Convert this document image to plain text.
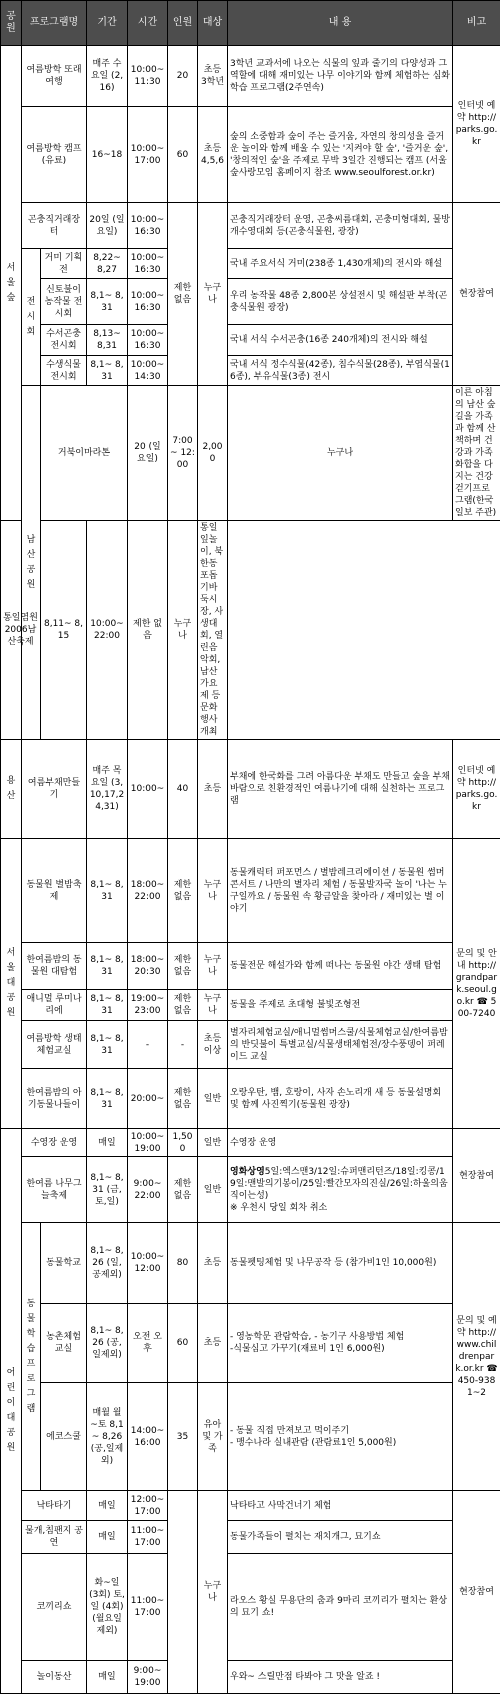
공원	프로그램명		기간	시간	인원	대상	내 용	비고	
서 울 숲	여름방학 또래여행		매주 수요일 (2,16)	10:00~ 11:30	20	초등 3학년	3학년 교과서에 나오는 식물의 잎과 줄기의 다양성과 그 역할에 대해 재미있는 나무 이야기와 함께 체험하는 심화학습 프로그램(2주연속)	인터넷 예약 http://parks.go.kr	
	여름방학 캠프 (유료)		16~18	10:00~ 17:00	60	초등 4,5,6	숲의 소중함과 숲이 주는 즐거움, 자연의 창의성을 즐거운 놀이와 함께 배울 수 있는 '지켜야 할 숲', '즐거운 숲', '창의적인 숲'을 주제로 무박 3일간 진행되는 캠프 (서울숲사랑모임 홈페이지 참조 www.seoulforest.or.kr)		
	곤충직거래장터		20일 (일요일)	10:00~ 16:30	제한 없음	누구나	곤충직거래장터 운영, 곤충씨름대회, 곤충미형대회, 물방개수영대회 등(곤충식물원, 광장)	현장참여	
	전 시 회	거미 기획전	8,22~ 8,27	10:00~ 16:30			국내 주요서식 거미(238종 1,430개체)의 전시와 해설		
		신토불이 농작물 전시회	8,1~ 8,31	10:00~ 16:30			우리 농작물 48종 2,800본 상설전시 및 해설판 부착(곤충식물원 광장)		
		수서곤충 전시회	8,13~ 8,31	10:00~ 16:30			국내 서식 수서곤충(16종 240개체)의 전시와 해설		
		수생식물 전시회	8,1~ 8,31	10:00~ 14:30			국내 서식 정수식물(42종), 침수식물(28종), 부엽식물(16종), 부유식물(3종) 전시		
	남산 공원	거북이마라톤		20 (일요일)	7:00~ 12:00	2,000	누구나	이른 아침의 남산 숲길을 가족과 함께 산책하며 건강과 가족화합을 다지는 건강걷기프로그램(한국일보 주관)	
통일염원 2006남산축제		8,11~ 8,15	10:00~ 22:00	제한 없음	누구나	통일잎놀이, 북한동포돕기바둑시장, 사생대회, 열린음악회, 남산가요제 등 문화행사 개최			
용 산	여름부채만들기		매주 목요일 (3,10,17,24,31)	10:00~	40	초등	부채에 한국화를 그려 아름다운 부채도 만들고 숲을 부채바람으로 친환경적인 여름나기에 대해 실천하는 프로그램	인터넷 예약 http://parks.go.kr	
서 울 대 공 원	동물원 별밤축제		8,1~ 8,31	18:00~ 22:00	제한 없음	누구나	동물캐릭터 퍼포먼스 / 별밤레크리에이션 / 동물원 썸머 콘서트 / 나만의 별자리 체험 / 동물발자국 놀이 '나는 누구일까요 / 동물원 속 황금알을 찾아라 / 재미있는 별 이야기	문의 및 안내 http://grandpark.seoul.go.kr ☎ 500-7240	
	한여름밤의 동물원 대탐험		8,1~ 8,31	18:00~ 20:30	제한 없음	누구나	동물전문 해설가와 함께 떠나는 동물원 야간 생태 탐험		
	애니멀 루미나리에		8,1~ 8,31	19:00~ 23:00	제한 없음	누구나	동물을 주제로 초대형 불빛조형전		
	여름방학 생태체험교실		8,1~ 8,31	-	-	초등 이상	별자리체험교실/애니멀썸머스쿨/식물체험교실/한여름밤의 반딧불이 특별교실/식물생태체험전/장수풍뎅이 퍼레이드 교실		
	한여름밤의 아기동물나들이		8,1~ 8,31	20:00~	제한 없음	일반	오랑우탄, 뱀, 호랑이, 사자 손노리개 새 등 동물설명회 및 함께 사진찍기(동물원 광장)		
어 린 이 대 공 원	수영장 운영		매일	10:00~ 19:00	1,500	일반	수영장 운영	현장참여	
	한여름 나무그늘축제		8,1~ 8,31 (금,토,일)	9:00~ 22:00	제한 없음	일반	영화상영5일:엑스맨3/12일:슈퍼맨리턴즈/18일:킹콩/19일:맨발의기봉이/25일:빨간모자의진실/26일:하울의움직이는성)
※ 우천시 당일 회차 취소		
	동 물 학 습 프 로 그 램	동물학교	8,1~ 8,26 (일,공제외)	10:00~ 12:00	80	초등	동물펫팅체험 및 나무공작 등 (참가비1인 10,000원)	문의 및 예약 http://www.childrenpark.or.kr ☎ 450-9381~2	
		농촌체험 교실	8,1~ 8,26 (공,일제외)	오전 오후	60	초등	- 영농학문 관람학습, - 농기구 사용방법 체험
-식물심고 가꾸기(재료비 1인 6,000원)		
		에코스쿨	매월 월~토 8,1~ 8,26 (공,일제외)	14:00~ 16:00	35	유아 및 가족	- 동물 직접 만져보고 먹이주기
- 맹수나라 실내관람 (관람료1인 5,000원)		
	낙타타기		매일	12:00~ 17:00		누구나	낙타타고 사막건너기 체험	현장참여	
	물개,침팬지 공연		매일	11:00~ 17:00			동물가족들이 펼치는 재치개그, 묘기쇼		
	코끼리쇼		화~일 (3회) 토,일 (4회) (월요일 제외)	11:00~ 17:00			라오스 황실 무용단의 춤과 9마리 코끼리가 펼치는 환상의 묘기 쇼!		
	놀이동산		매일	9:00~ 19:00			우와~ 스릴만점 타봐야 그 맛을 알죠 !		
